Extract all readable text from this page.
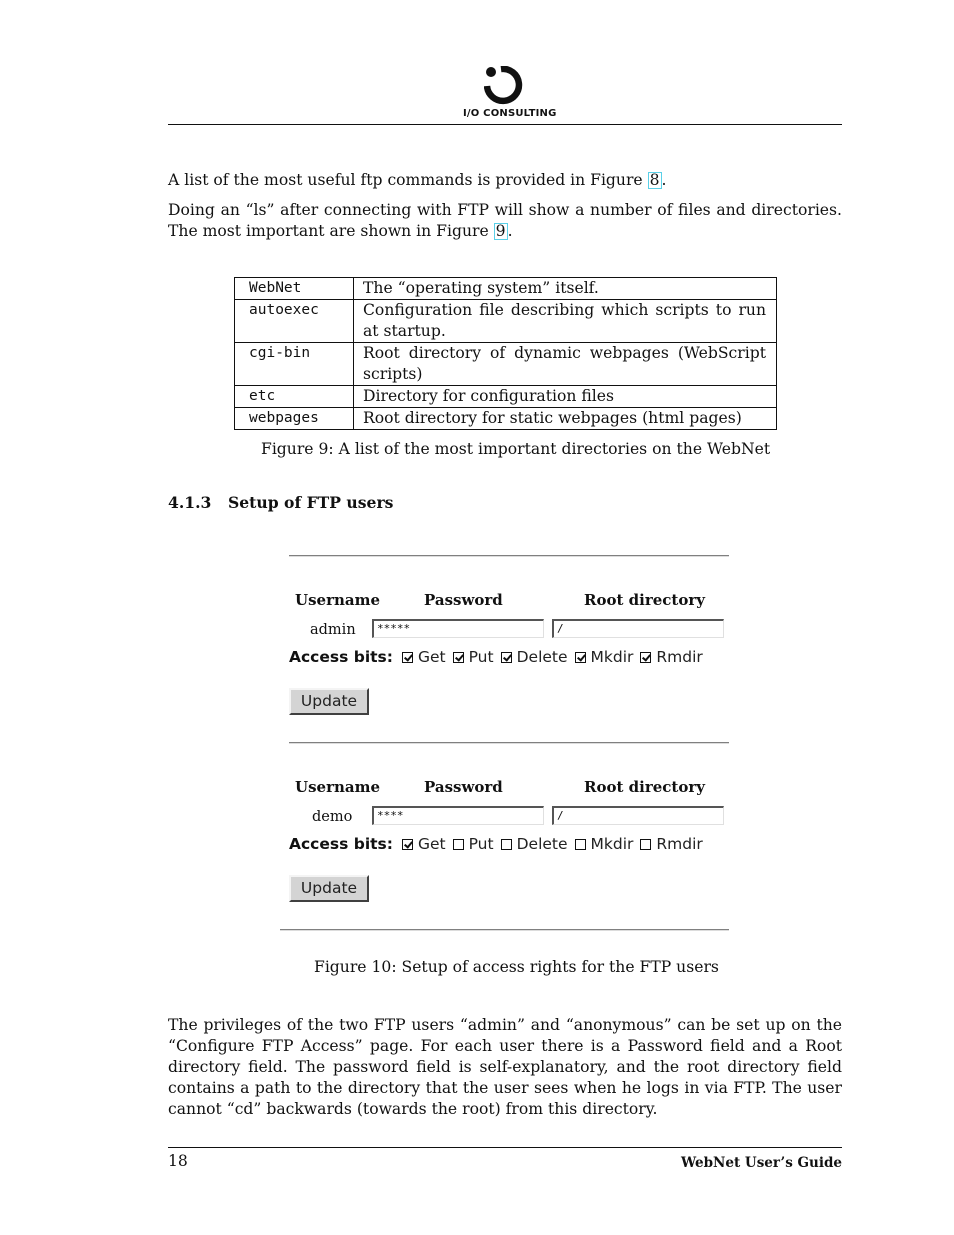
I/O CONSULTING
A list of the most useful ftp commands is provided in Figure 8 .
Doing an “ls” after connecting with FTP will show a number of files and directories. The most important are shown in Figure 9 .
WebNet	The “operating system” itself.
autoexec	Configuration file describing which scripts to run at startup.
cgi-bin	Root directory of dynamic webpages (WebScript scripts)
etc	Directory for configuration files
webpages	Root directory for static webpages (html pages)
Figure 9: A list of the most important directories on the WebNet
4.1.3 Setup of FTP users
Username	Password	Root directory
admin	*****	/
Access bits: Get Put Delete Mkdir Rmdir
Update
Username	Password	Root directory
demo	****	/
Access bits: Get Put Delete Mkdir Rmdir
Update
Figure 10: Setup of access rights for the FTP users
The privileges of the two FTP users “admin” and “anonymous” can be set up on the “Configure FTP Access” page. For each user there is a Password field and a Root directory field. The password field is self-explanatory, and the root directory field contains a path to the directory that the user sees when he logs in via FTP. The user cannot “cd” backwards (towards the root) from this directory.
18	WebNet User’s Guide
